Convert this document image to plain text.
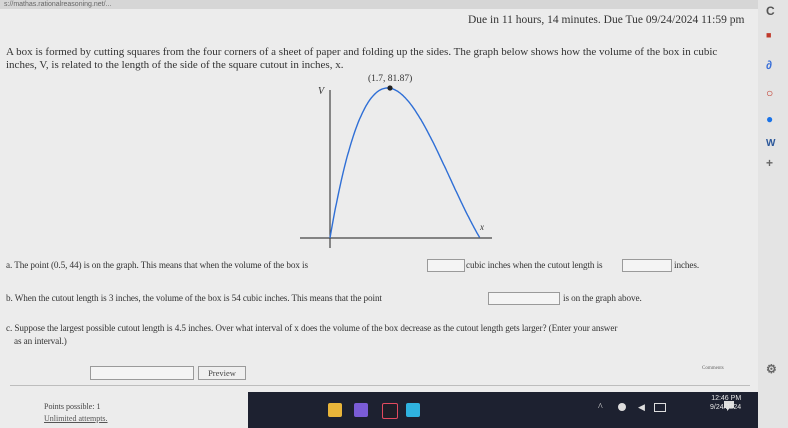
s://mathas.rationalreasoning.net/...
Due in 11 hours, 14 minutes. Due Tue 09/24/2024 11:59 pm
A box is formed by cutting squares from the four corners of a sheet of paper and folding up the sides. The graph below shows how the volume of the box in cubic inches, V, is related to the length of the side of the square cutout in inches, x.
V
x
(1.7, 81.87)
a. The point (0.5, 44) is on the graph. This means that when the volume of the box is	cubic inches when the cutout length is	inches.
b. When the cutout length is 3 inches, the volume of the box is 54 cubic inches. This means that the point	is on the graph above.
c. Suppose the largest possible cutout length is 4.5 inches. Over what interval of x does the volume of the box decrease as the cutout length gets larger? (Enter your answer
as an interval.)
Preview	Comments
Points possible: 1
Unlimited attempts.
^	◀
12:46 PM
9/24/2024
C
■
∂
○
●
W
+
⚙
